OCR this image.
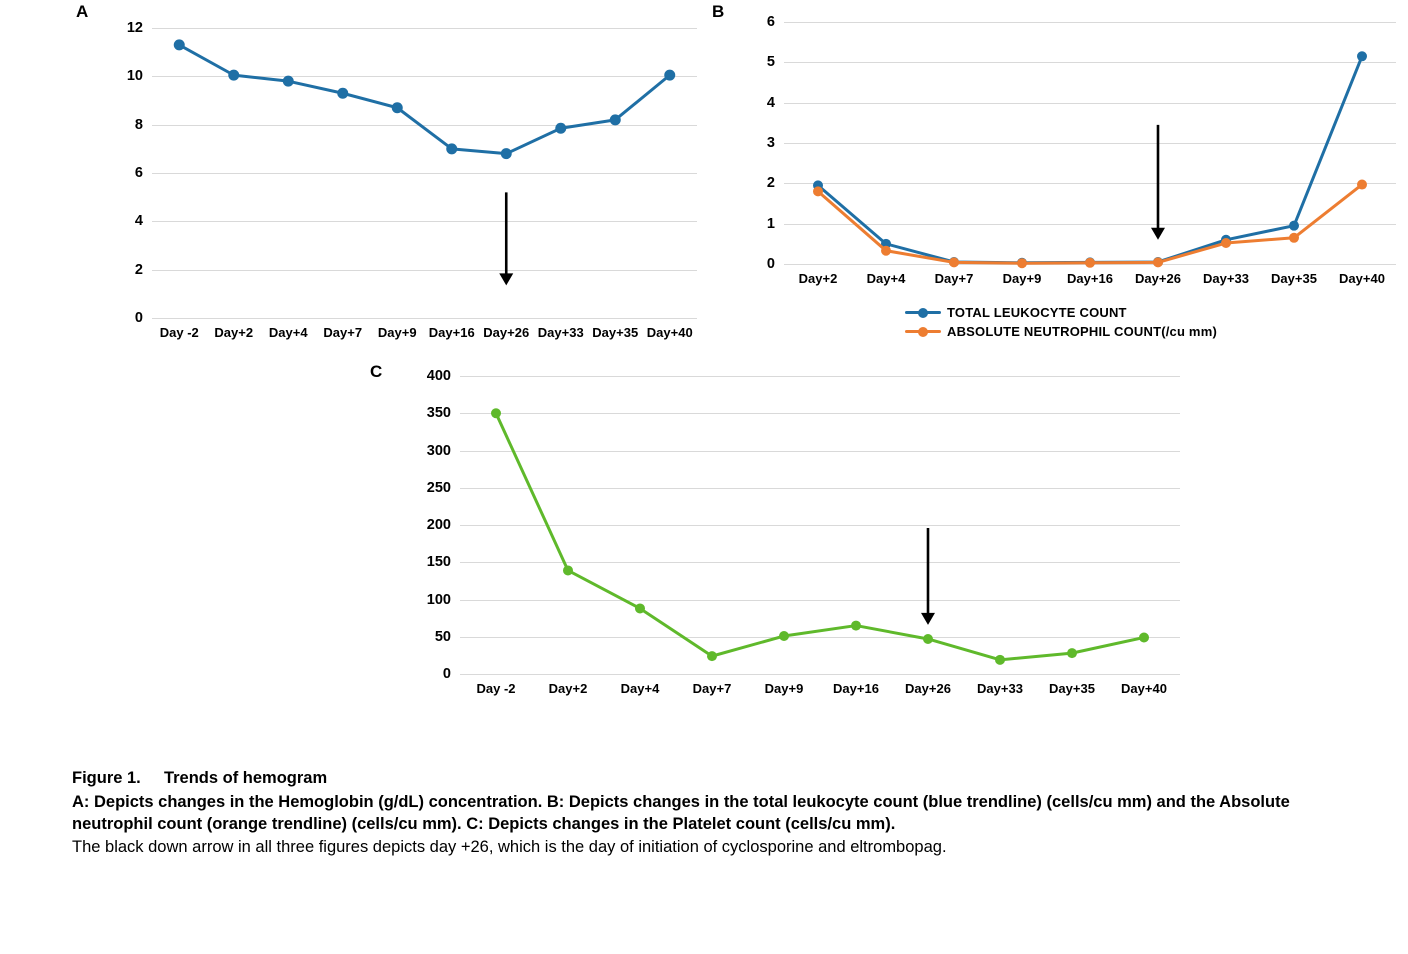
A
0
2
4
6
8
10
12
Day -2 Day+2 Day+4 Day+7 Day+9 Day+16 Day+26 Day+33 Day+35 Day+40
B
0
1
2
3
4
5
6
Day+2 Day+4 Day+7 Day+9 Day+16 Day+26 Day+33 Day+35 Day+40
TOTAL LEUKOCYTE COUNT
ABSOLUTE NEUTROPHIL COUNT(/cu mm)
C
0
50
100
150
200
250
300
350
400
Day -2	Day+2	Day+4	Day+7	Day+9 Day+16 Day+26 Day+33 Day+35 Day+40
Figure 1. Trends of hemogram
A: Depicts changes in the Hemoglobin (g/dL) concentration. B: Depicts changes in the total leukocyte count (blue trendline) (cells/cu mm) and the Absolute neutrophil count (orange trendline) (cells/cu mm). C: Depicts changes in the Platelet count (cells/cu mm).
The black down arrow in all three figures depicts day +26, which is the day of initiation of cyclosporine and eltrombopag.
